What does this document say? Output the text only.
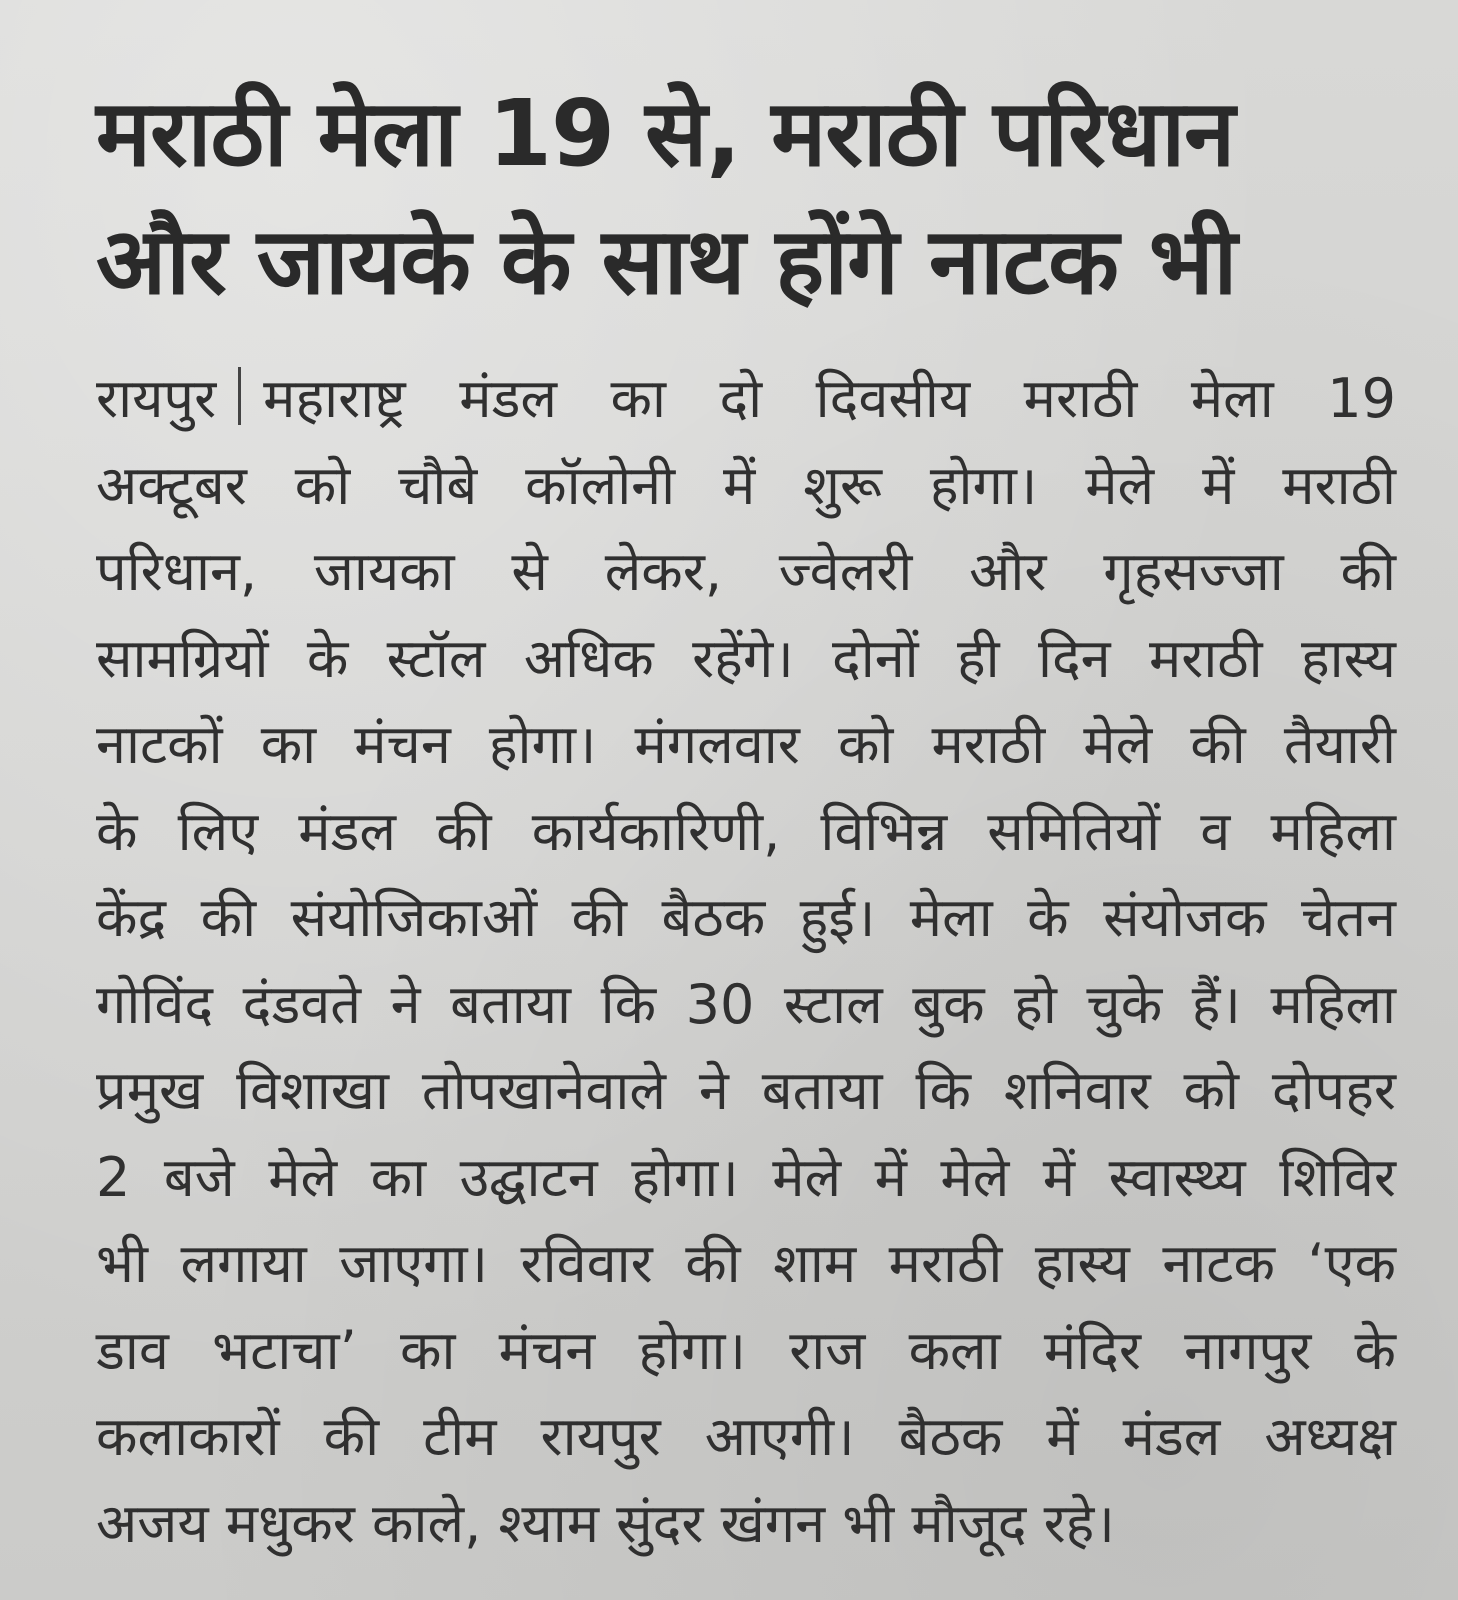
मराठी मेला 19 से, मराठी परिधान
और जायके के साथ होंगे नाटक भी
रायपुर महाराष्ट्र मंडल का दो दिवसीय मराठी मेला 19
अक्टूबर को चौबे कॉलोनी में शुरू होगा। मेले में मराठी
परिधान, जायका से लेकर, ज्वेलरी और गृहसज्जा की
सामग्रियों के स्टॉल अधिक रहेंगे। दोनों ही दिन मराठी हास्य
नाटकों का मंचन होगा। मंगलवार को मराठी मेले की तैयारी
के लिए मंडल की कार्यकारिणी, विभिन्न समितियों व महिला
केंद्र की संयोजिकाओं की बैठक हुई। मेला के संयोजक चेतन
गोविंद दंडवते ने बताया कि 30 स्टाल बुक हो चुके हैं। महिला
प्रमुख विशाखा तोपखानेवाले ने बताया कि शनिवार को दोपहर
2 बजे मेले का उद्घाटन होगा। मेले में मेले में स्वास्थ्य शिविर
भी लगाया जाएगा। रविवार की शाम मराठी हास्य नाटक ‘एक
डाव भटाचा’ का मंचन होगा। राज कला मंदिर नागपुर के
कलाकारों की टीम रायपुर आएगी। बैठक में मंडल अध्यक्ष
अजय मधुकर काले, श्याम सुंदर खंगन भी मौजूद रहे।
